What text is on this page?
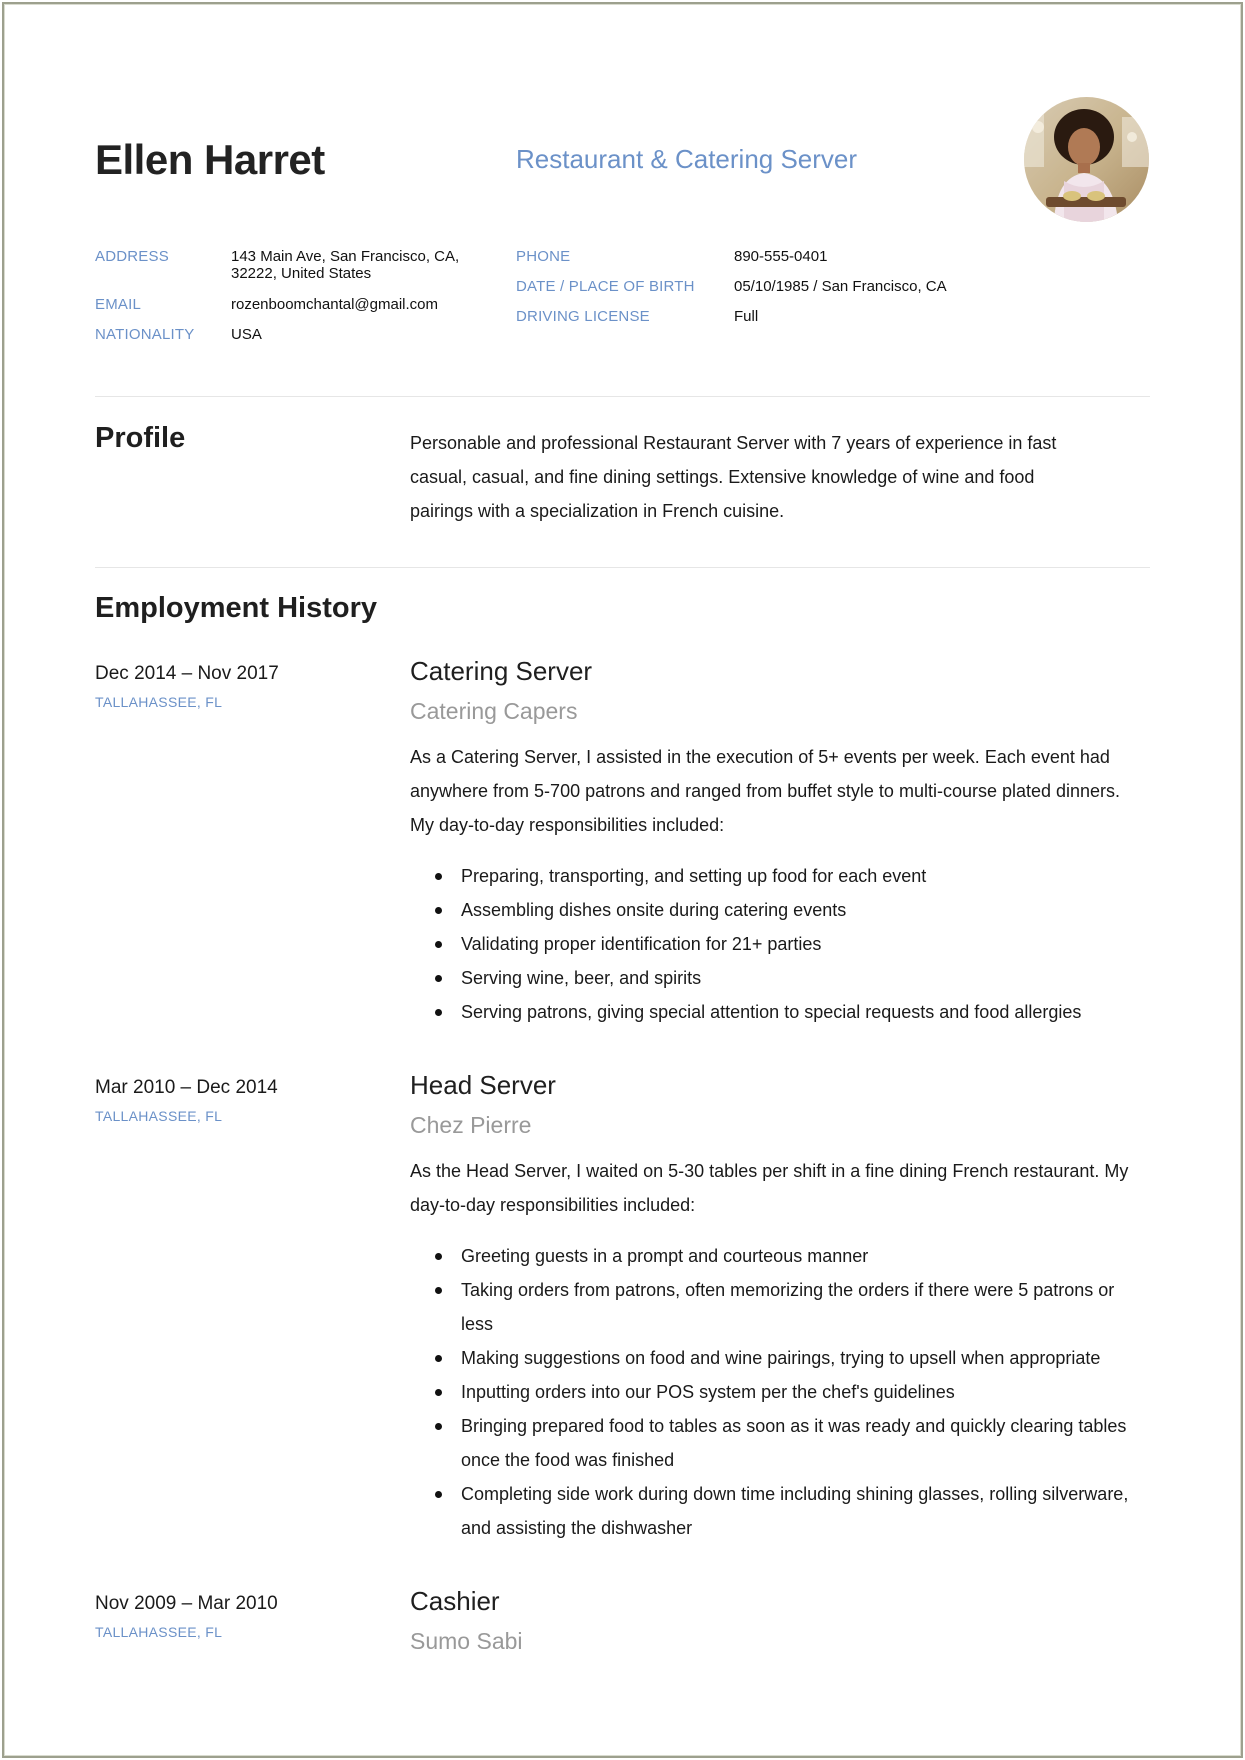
Ellen Harret	Restaurant & Catering Server
ADDRESS	143 Main Ave, San Francisco, CA,
32222, United States
EMAIL	rozenboomchantal@gmail.com
NATIONALITY USA
PHONE	890-555-0401
DATE / PLACE OF BIRTH	05/10/1985 / San Francisco, CA
DRIVING LICENSE	Full
Profile	Personable and professional Restaurant Server with 7 years of experience in fast
casual, casual, and fine dining settings. Extensive knowledge of wine and food
pairings with a specialization in French cuisine.
Employment History
Dec 2014 – Nov 2017
TALLAHASSEE, FL
Catering Server
Catering Capers
As a Catering Server, I assisted in the execution of 5+ events per week. Each event had
anywhere from 5-700 patrons and ranged from buffet style to multi-course plated dinners.
My day-to-day responsibilities included:
Preparing, transporting, and setting up food for each event
Assembling dishes onsite during catering events
Validating proper identification for 21+ parties
Serving wine, beer, and spirits
Serving patrons, giving special attention to special requests and food allergies
Mar 2010 – Dec 2014
TALLAHASSEE, FL
Head Server
Chez Pierre
As the Head Server, I waited on 5-30 tables per shift in a fine dining French restaurant. My
day-to-day responsibilities included:
Greeting guests in a prompt and courteous manner
Taking orders from patrons, often memorizing the orders if there were 5 patrons or less
Making suggestions on food and wine pairings, trying to upsell when appropriate
Inputting orders into our POS system per the chef's guidelines
Bringing prepared food to tables as soon as it was ready and quickly clearing tables once the food was finished
Completing side work during down time including shining glasses, rolling silverware, and assisting the dishwasher
Nov 2009 – Mar 2010
TALLAHASSEE, FL
Cashier
Sumo Sabi
